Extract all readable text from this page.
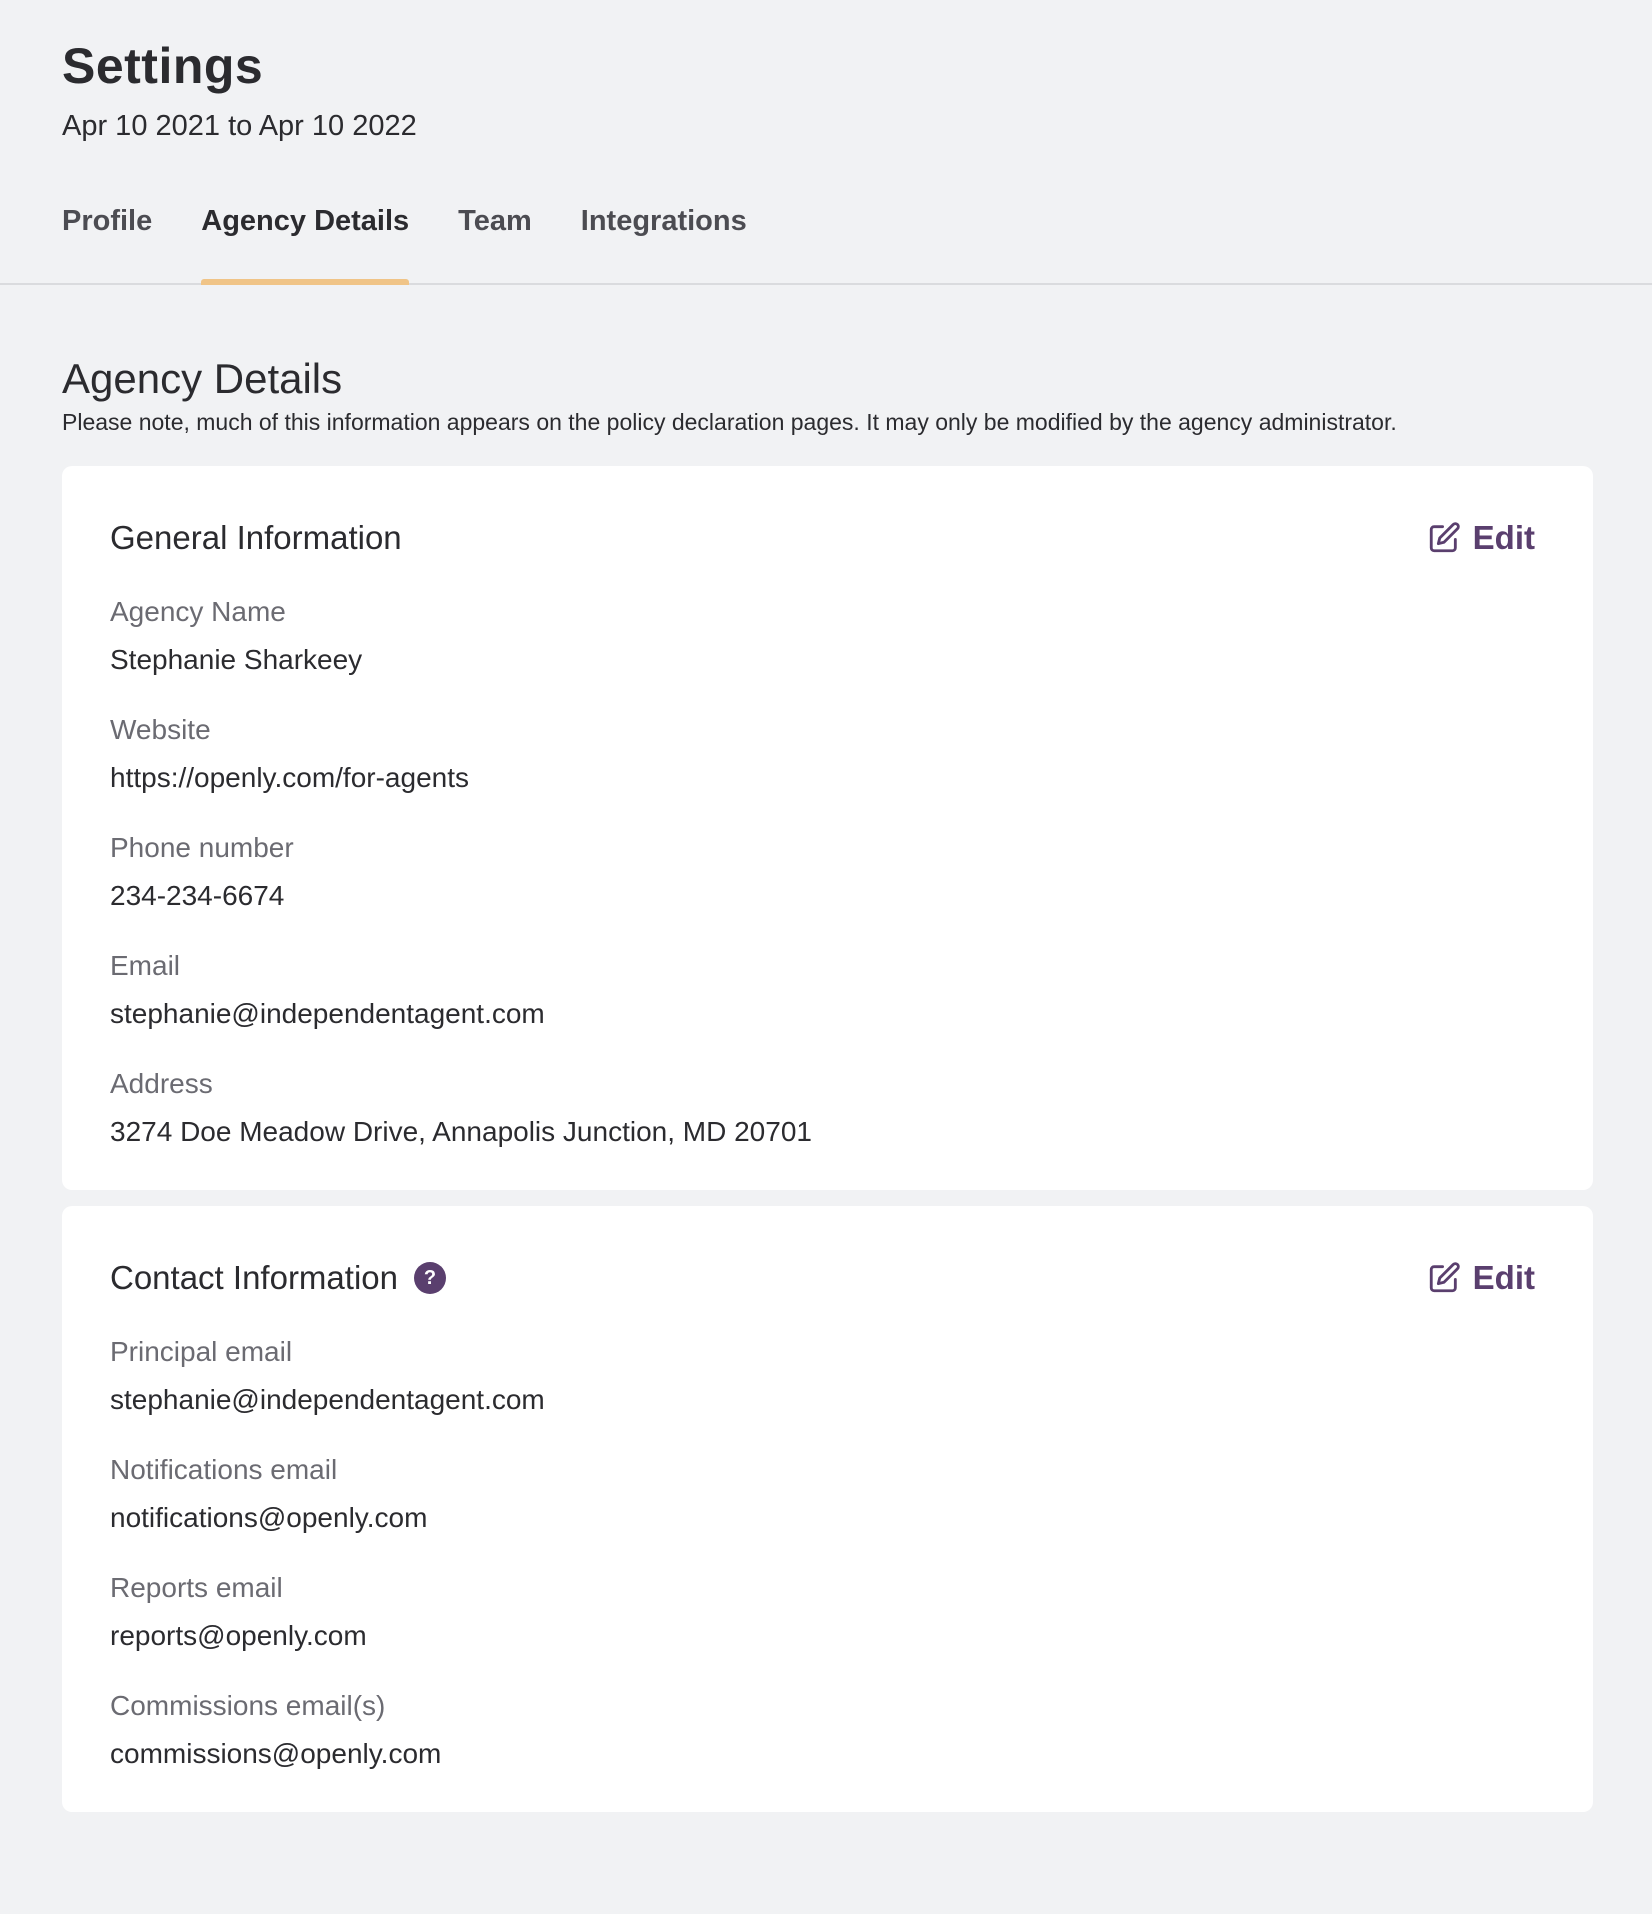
Settings
Apr 10 2021 to Apr 10 2022
Profile Agency Details Team Integrations
Agency Details
Please note, much of this information appears on the policy declaration pages. It may only be modified by the agency administrator.
General Information	Edit
Agency Name
Stephanie Sharkeey
Website
https://openly.com/for-agents
Phone number
234-234-6674
Email
stephanie@independentagent.com
Address
3274 Doe Meadow Drive, Annapolis Junction, MD 20701
Contact Information	?	Edit
Principal email
stephanie@independentagent.com
Notifications email
notifications@openly.com
Reports email
reports@openly.com
Commissions email(s)
commissions@openly.com
